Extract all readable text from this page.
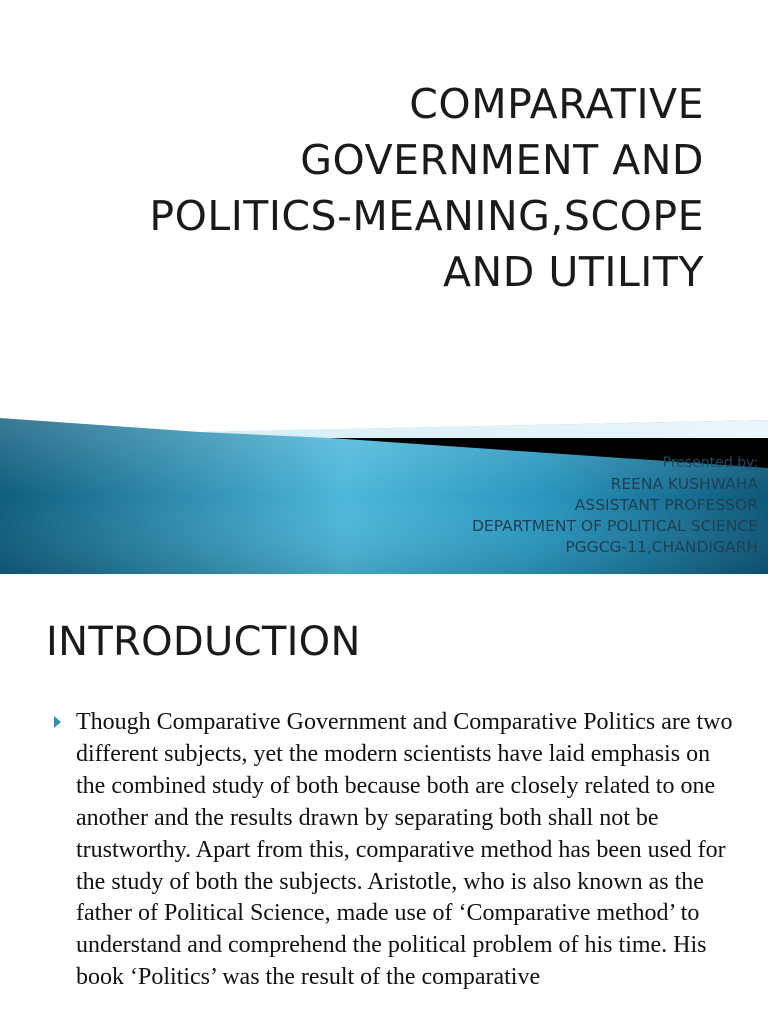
COMPARATIVE
GOVERNMENT AND
POLITICS-MEANING,SCOPE
AND UTILITY
Presented by:
REENA KUSHWAHA
ASSISTANT PROFESSOR
DEPARTMENT OF POLITICAL SCIENCE
PGGCG-11,CHANDIGARH
INTRODUCTION

Though Comparative Government and Comparative Politics are two different subjects, yet the modern scientists have laid emphasis on the combined study of both because both are closely related to one another and the results drawn by separating both shall not be trustworthy. Apart from this, comparative method has been used for the study of both the subjects. Aristotle, who is also known as the father of Political Science, made use of ‘Comparative method’ to understand and comprehend the political problem of his time. His book ‘Politics’ was the result of the comparative
